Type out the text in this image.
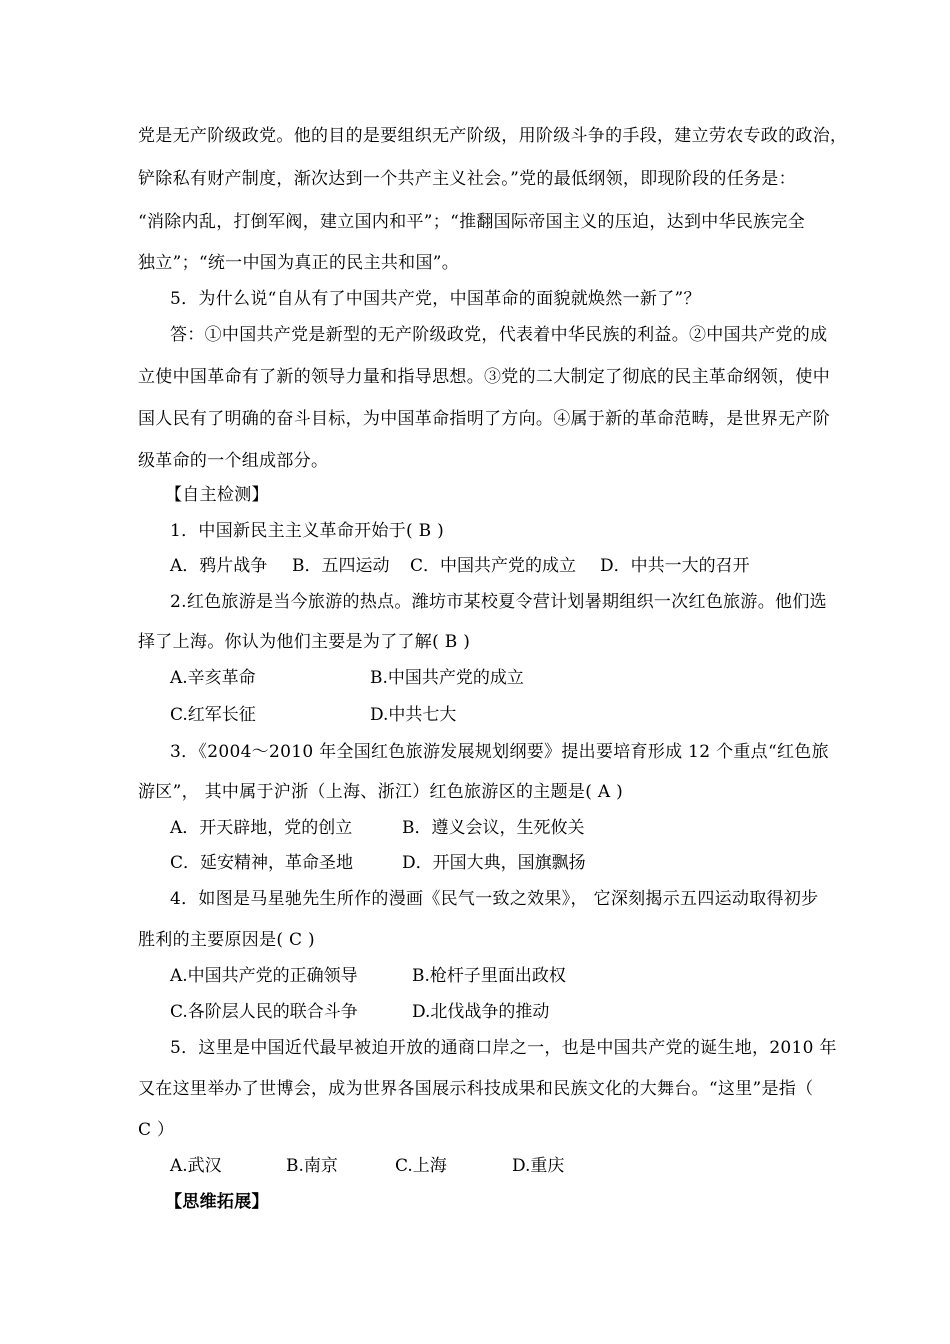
党是无产阶级政党。他的目的是要组织无产阶级，用阶级斗争的手段，建立劳农专政的政治，
铲除私有财产制度，渐次达到一个共产主义社会。”党的最低纲领，即现阶段的任务是：
“消除内乱，打倒军阀，建立国内和平”；“推翻国际帝国主义的压迫，达到中华民族完全
独立”；“统一中国为真正的民主共和国”。
5．为什么说“自从有了中国共产党，中国革命的面貌就焕然一新了”？
答：①中国共产党是新型的无产阶级政党，代表着中华民族的利益。②中国共产党的成
立使中国革命有了新的领导力量和指导思想。③党的二大制定了彻底的民主革命纲领，使中
国人民有了明确的奋斗目标，为中国革命指明了方向。④属于新的革命范畴，是世界无产阶
级革命的一个组成部分。
【自主检测】
1．中国新民主主义革命开始于( B )
A．鸦片战争 B．五四运动 C．中国共产党的成立 D．中共一大的召开
2.红色旅游是当今旅游的热点。潍坊市某校夏令营计划暑期组织一次红色旅游。他们选
择了上海。你认为他们主要是为了了解( B )
A.辛亥革命	B.中国共产党的成立
C.红军长征	D.中共七大
3．《2004～2010 年全国红色旅游发展规划纲要》提出要培育形成 12 个重点“红色旅
游区”， 其中属于沪浙（上海、浙江）红色旅游区的主题是( A )
A．开天辟地，党的创立	B．遵义会议，生死攸关
C．延安精神，革命圣地	D．开国大典，国旗飘扬
4．如图是马星驰先生所作的漫画《民气一致之效果》， 它深刻揭示五四运动取得初步
胜利的主要原因是( C )
A.中国共产党的正确领导	B.枪杆子里面出政权
C.各阶层人民的联合斗争	D.北伐战争的推动
5．这里是中国近代最早被迫开放的通商口岸之一，也是中国共产党的诞生地，2010 年
又在这里举办了世博会，成为世界各国展示科技成果和民族文化的大舞台。“这里”是指（
C ）
A.武汉	B.南京	C.上海	D.重庆
【思维拓展】
